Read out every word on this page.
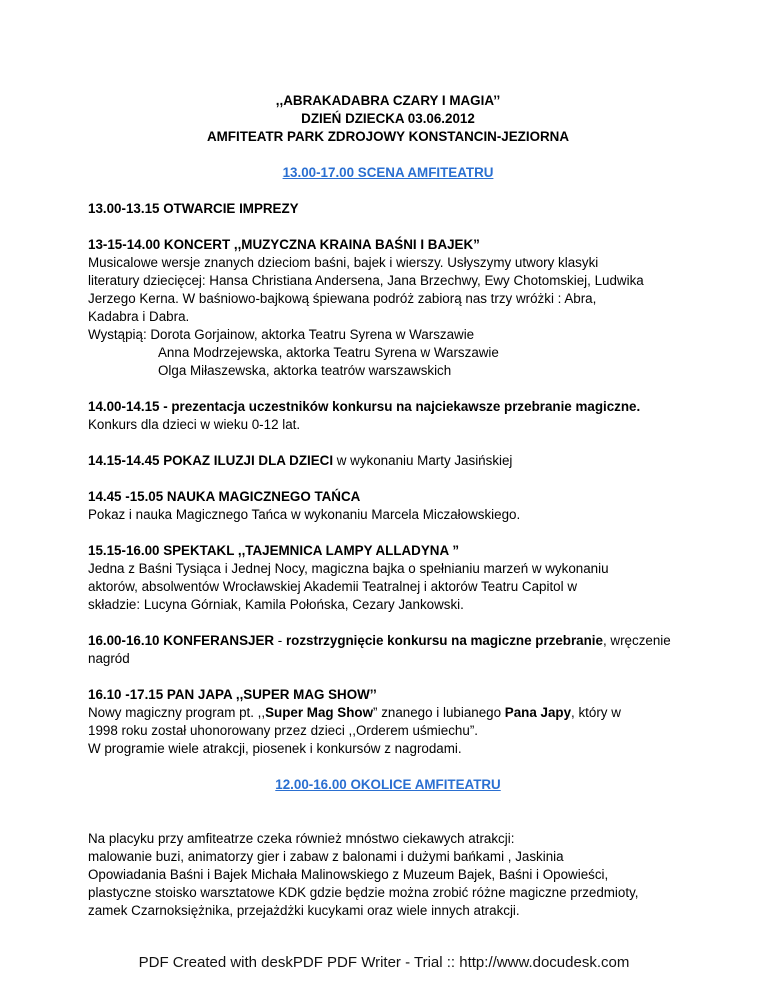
,,ABRAKADABRA CZARY I MAGIA’’

DZIEŃ DZIECKA 03.06.2012

AMFITEATR PARK ZDROJOWY KONSTANCIN-JEZIORNA

13.00-17.00 SCENA AMFITEATRU

13.00-13.15 OTWARCIE IMPREZY

13-15-14.00 KONCERT ,,MUZYCZNA KRAINA BAŚNI I BAJEK”

Musicalowe wersje znanych dzieciom baśni, bajek i wierszy. Usłyszymy utwory klasyki

literatury dziecięcej: Hansa Christiana Andersena, Jana Brzechwy, Ewy Chotomskiej, Ludwika

Jerzego Kerna. W baśniowo-bajkową śpiewana podróż zabiorą nas trzy wróżki : Abra,

Kadabra i Dabra.

Wystąpią: Dorota Gorjainow, aktorka Teatru Syrena w Warszawie

Anna Modrzejewska, aktorka Teatru Syrena w Warszawie

Olga Miłaszewska, aktorka teatrów warszawskich

14.00-14.15 - prezentacja uczestników konkursu na najciekawsze przebranie magiczne.

Konkurs dla dzieci w wieku 0-12 lat.

14.15-14.45 POKAZ ILUZJI DLA DZIECI w wykonaniu Marty Jasińskiej

14.45 -15.05 NAUKA MAGICZNEGO TAŃCA

Pokaz i nauka Magicznego Tańca w wykonaniu Marcela Miczałowskiego.

15.15-16.00 SPEKTAKL ,,TAJEMNICA LAMPY ALLADYNA ”

Jedna z Baśni Tysiąca i Jednej Nocy, magiczna bajka o spełnianiu marzeń w wykonaniu

aktorów, absolwentów Wrocławskiej Akademii Teatralnej i aktorów Teatru Capitol w

składzie: Lucyna Górniak, Kamila Połońska, Cezary Jankowski.

16.00-16.10 KONFERANSJER - rozstrzygnięcie konkursu na magiczne przebranie, wręczenie

nagród

16.10 -17.15 PAN JAPA ,,SUPER MAG SHOW’’

Nowy magiczny program pt. ,,Super Mag Show” znanego i lubianego Pana Japy, który w

1998 roku został uhonorowany przez dzieci ,,Orderem uśmiechu”.

W programie wiele atrakcji, piosenek i konkursów z nagrodami.

12.00-16.00 OKOLICE AMFITEATRU

Na placyku przy amfiteatrze czeka również mnóstwo ciekawych atrakcji:

malowanie buzi, animatorzy gier i zabaw z balonami i dużymi bańkami , Jaskinia

Opowiadania Baśni i Bajek Michała Malinowskiego z Muzeum Bajek, Baśni i Opowieści,

plastyczne stoisko warsztatowe KDK gdzie będzie można zrobić różne magiczne przedmioty,

zamek Czarnoksiężnika, przejażdżki kucykami oraz wiele innych atrakcji.

PDF Created with deskPDF PDF Writer - Trial :: http://www.docudesk.com
